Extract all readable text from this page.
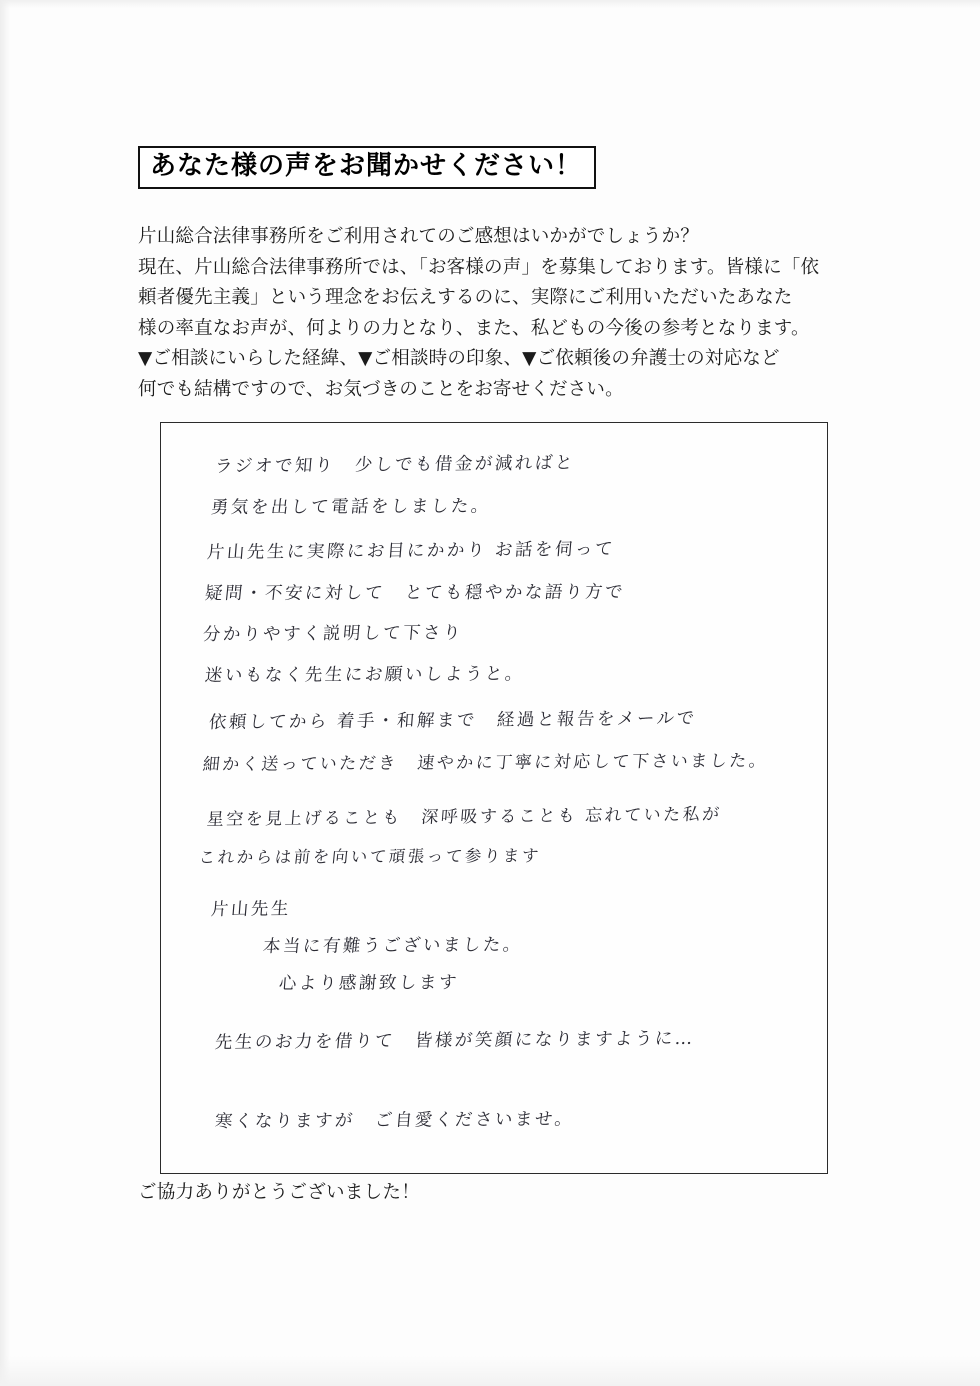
あなた様の声をお聞かせください！

片山総合法律事務所をご利用されてのご感想はいかがでしょうか？

現在、片山総合法律事務所では、「お客様の声」を募集しております。皆様に「依

頼者優先主義」という理念をお伝えするのに、実際にご利用いただいたあなた

様の率直なお声が、何よりの力となり、また、私どもの今後の参考となります。

▼ご相談にいらした経緯、▼ご相談時の印象、▼ご依頼後の弁護士の対応など

何でも結構ですので、お気づきのことをお寄せください。

ラジオで知り　少しでも借金が減ればと
勇気を出して電話をしました。
片山先生に実際にお目にかかり お話を伺って
疑問・不安に対して　とても穏やかな語り方で
分かりやすく説明して下さり
迷いもなく先生にお願いしようと。
依頼してから 着手・和解まで　経過と報告をメールで
細かく送っていただき　速やかに丁寧に対応して下さいました。
星空を見上げることも　深呼吸することも 忘れていた私が
これからは前を向いて頑張って参ります
片山先生
本当に有難うございました。
心より感謝致します
先生のお力を借りて　皆様が笑顔になりますように…
寒くなりますが　ご自愛くださいませ。
ご協力ありがとうございました！
